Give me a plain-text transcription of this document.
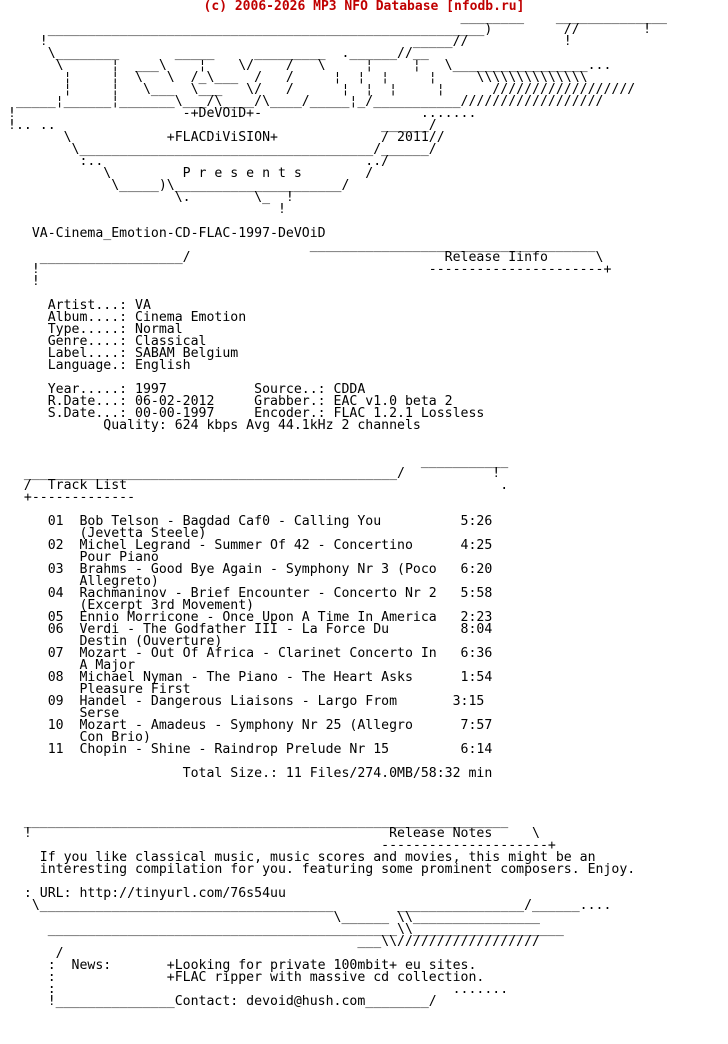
(c) 2006-2026 MP3 NFO Database [nfodb.ru]
________    ______________
_______________________________________________________)         //        !
!                                              _____//            !
\________       _____     _________  .______//__
\      ¦  ___\    ¦    \/    /   \     ¦     ¦   \_________________...
¦     ¦  \   \  /_\___  /   /     ¦  ¦  ¦     ¦     \\\\\\\\\\\\\\
¦     ¦   \___  \___   \/   /      ¦  ¦  ¦     ¦      //////////////////
_____¦______¦_______\___/\____/\____/_____¦_/___________//////////////////
!                     -+DeVOiD+-                    .......
!.. ..                                         ______/
\            +FLACDiViSION+             / 2011//
\_____________________________________/______/
:..                                 ../
\         P r e s e n t s        /
\_____)\_____________________/
\.        \_  !
!

VA-Cinema_Emotion-CD-FLAC-1997-DeVOiD
____________________________________
__________________/                                Release Iinfo      \
!                                                 ----------------------+
!

Artist...: VA
Album....: Cinema Emotion
Type.....: Normal
Genre....: Classical
Label....: SABAM Belgium
Language.: English

Year.....: 1997           Source..: CDDA
R.Date...: 06-02-2012     Grabber.: EAC v1.0 beta 2
S.Date...: 00-00-1997     Encoder.: FLAC 1.2.1 Lossless
Quality: 624 kbps Avg 44.1kHz 2 channels

___________
_______________________________________________/           !
/  Track List                                               .
+-------------

01  Bob Telson - Bagdad Caf0 - Calling You          5:26
(Jevetta Steele)
02  Michel Legrand - Summer Of 42 - Concertino      4:25
Pour Piano
03  Brahms - Good Bye Again - Symphony Nr 3 (Poco   6:20
Allegreto)
04  Rachmaninov - Brief Encounter - Concerto Nr 2   5:58
(Excerpt 3rd Movement)
05  Ennio Morricone - Once Upon A Time In America   2:23
06  Verdi - The Godfather III - La Force Du         8:04
Destin (Ouverture)
07  Mozart - Out Of Africa - Clarinet Concerto In   6:36
A Major
08  Michael Nyman - The Piano - The Heart Asks      1:54
Pleasure First
09  Handel - Dangerous Liaisons - Largo From       3:15
Serse
10  Mozart - Amadeus - Symphony Nr 25 (Allegro      7:57
Con Brio)
11  Chopin - Shine - Raindrop Prelude Nr 15         6:14

Total Size.: 11 Files/274.0MB/58:32 min

_____________________________________________________________
!                                             Release Notes     \
---------------------+
If you like classical music, music scores and movies, this might be an
interesting compilation for you. featuring some prominent composers. Enjoy.

: URL: http://tinyurl.com/76s54uu
\_____________________________________        ________________/______....
\______ \\________________
____________________________________________\\___________________
___\\//////////////////
/
:  News:       +Looking for private 100mbit+ eu sites.
:              +FLAC ripper with massive cd collection.
:                                                  .......
!_______________Contact: devoid@hush.com________/
